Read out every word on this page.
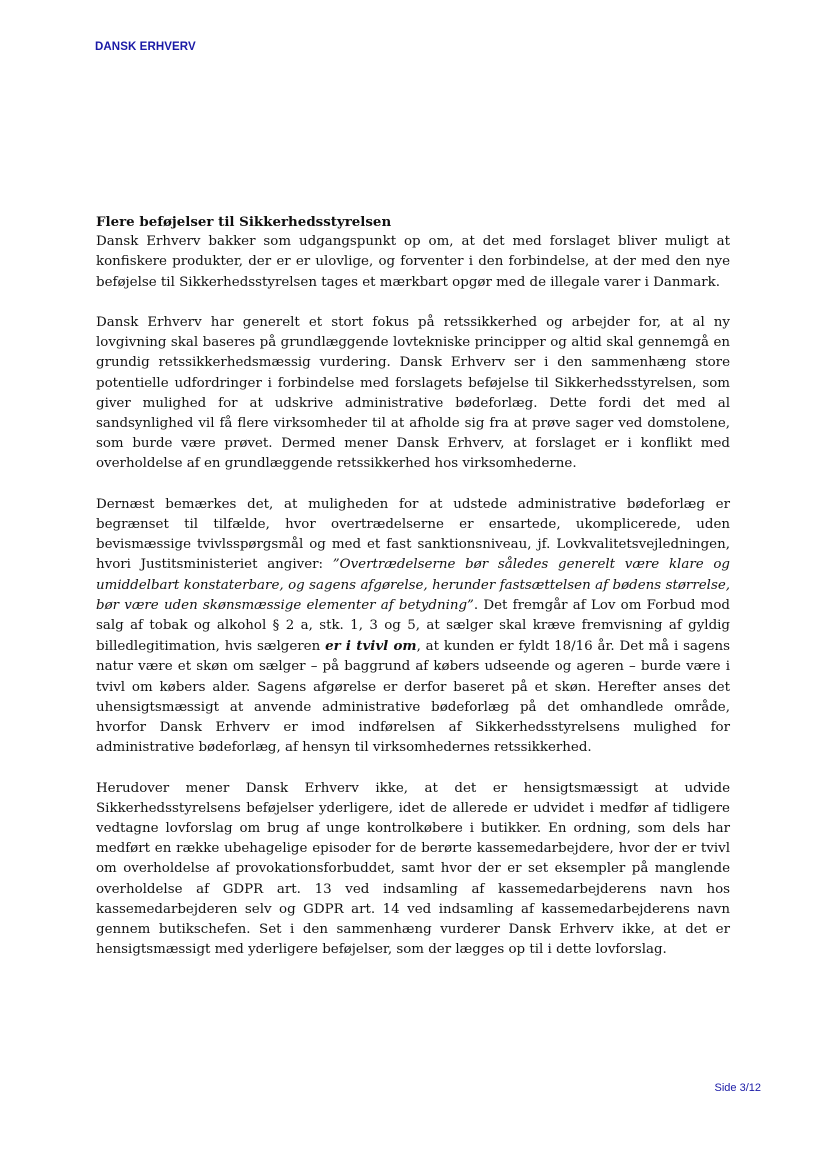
DANSK ERHVERV
Flere beføjelser til Sikkerhedsstyrelsen

Dansk Erhverv bakker som udgangspunkt op om, at det med forslaget bliver muligt at konfiskere produkter, der er er ulovlige, og forventer i den forbindelse, at der med den nye beføjelse til Sikkerhedsstyrelsen tages et mærkbart opgør med de illegale varer i Danmark.

Dansk Erhverv har generelt et stort fokus på retssikkerhed og arbejder for, at al ny lovgivning skal baseres på grundlæggende lovtekniske principper og altid skal gennemgå en grundig retssikkerhedsmæssig vurdering. Dansk Erhverv ser i den sammenhæng store potentielle udfordringer i forbindelse med forslagets beføjelse til Sikkerhedsstyrelsen, som giver mulighed for at udskrive administrative bødeforlæg. Dette fordi det med al sandsynlighed vil få flere virksomheder til at afholde sig fra at prøve sager ved domstolene, som burde være prøvet. Dermed mener Dansk Erhverv, at forslaget er i konflikt med overholdelse af en grundlæggende retssikkerhed hos virksomhederne.

Dernæst bemærkes det, at muligheden for at udstede administrative bødeforlæg er begrænset til tilfælde, hvor overtrædelserne er ensartede, ukomplicerede, uden bevismæssige tvivlsspørgsmål og med et fast sanktionsniveau, jf. Lovkvalitetsvejledningen, hvori Justitsministeriet angiver: ”Overtrædelserne bør således generelt være klare og umiddelbart konstaterbare, og sagens afgørelse, herunder fastsættelsen af bødens størrelse, bør være uden skønsmæssige elementer af betydning”. Det fremgår af Lov om Forbud mod salg af tobak og alkohol § 2 a, stk. 1, 3 og 5, at sælger skal kræve fremvisning af gyldig billedlegitimation, hvis sælgeren er i tvivl om, at kunden er fyldt 18/16 år. Det må i sagens natur være et skøn om sælger – på baggrund af købers udseende og ageren – burde være i tvivl om købers alder. Sagens afgørelse er derfor baseret på et skøn. Herefter anses det uhensigtsmæssigt at anvende administrative bødeforlæg på det omhandlede område, hvorfor Dansk Erhverv er imod indførelsen af Sikkerhedsstyrelsens mulighed for administrative bødeforlæg, af hensyn til virksomhedernes retssikkerhed.

Herudover mener Dansk Erhverv ikke, at det er hensigtsmæssigt at udvide Sikkerhedsstyrelsens beføjelser yderligere, idet de allerede er udvidet i medfør af tidligere vedtagne lovforslag om brug af unge kontrolkøbere i butikker. En ordning, som dels har medført en række ubehagelige episoder for de berørte kassemedarbejdere, hvor der er tvivl om overholdelse af provokationsforbuddet, samt hvor der er set eksempler på manglende overholdelse af GDPR art. 13 ved indsamling af kassemedarbejderens navn hos kassemedarbejderen selv og GDPR art. 14 ved indsamling af kassemedarbejderens navn gennem butikschefen. Set i den sammenhæng vurderer Dansk Erhverv ikke, at det er hensigtsmæssigt med yderligere beføjelser, som der lægges op til i dette lovforslag.

Side 3/12
